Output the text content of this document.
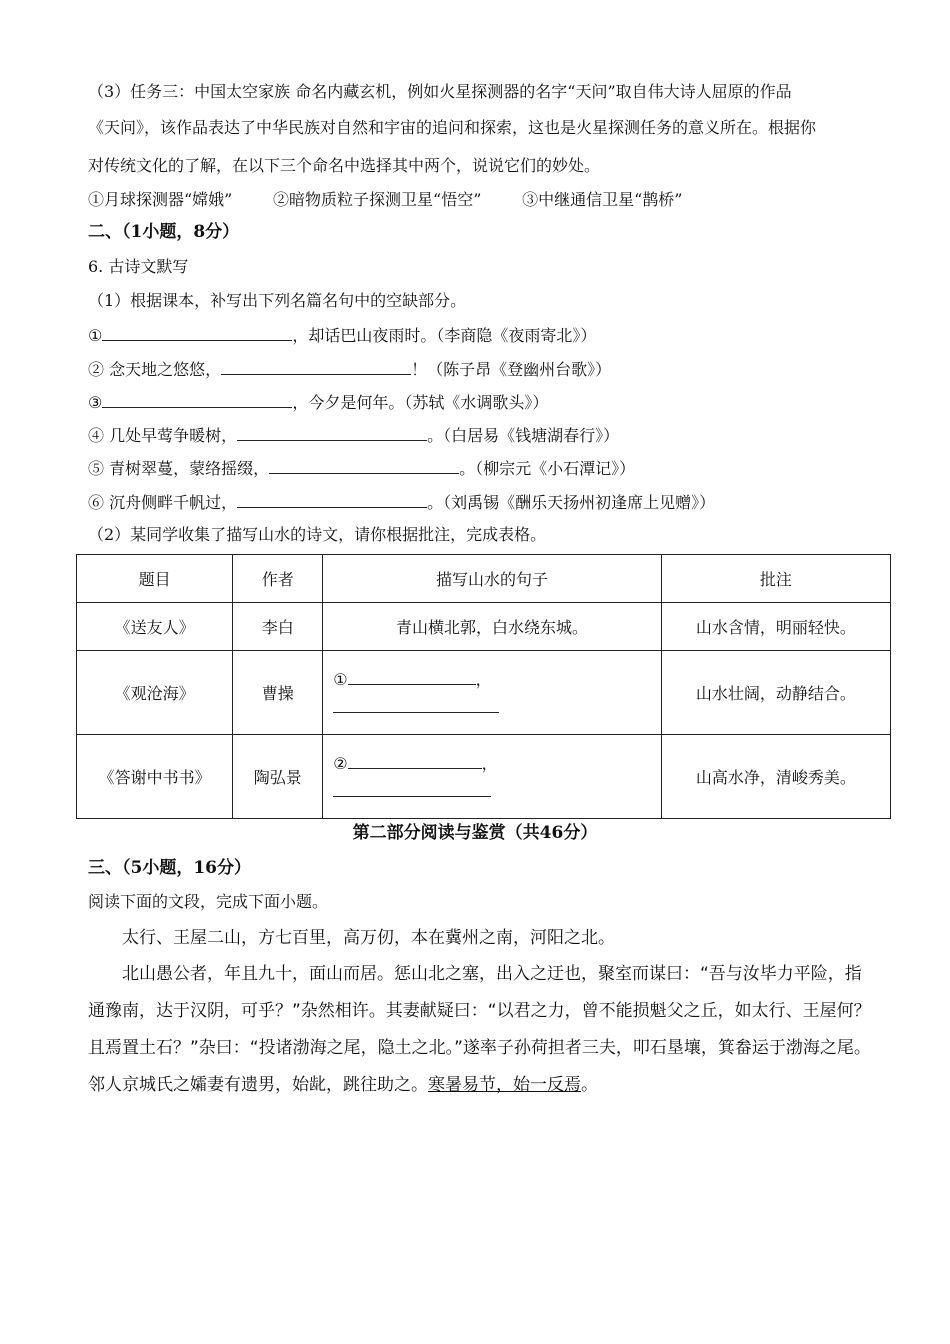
（3）任务三：中国太空家族 命名内藏玄机，例如火星探测器的名字“天问”取自伟大诗人屈原的作品
《天问》，该作品表达了中华民族对自然和宇宙的追问和探索，这也是火星探测任务的意义所在。根据你
对传统文化的了解，在以下三个命名中选择其中两个，说说它们的妙处。
①月球探测器“嫦娥”        ②暗物质粒子探测卫星“悟空”        ③中继通信卫星“鹊桥”
二、（1小题，8分）
6. 古诗文默写
（1）根据课本，补写出下列名篇名句中的空缺部分。
①	，却话巴山夜雨时。（李商隐《夜雨寄北》）
② 念天地之悠悠，	！（陈子昂《登幽州台歌》）
③	，今夕是何年。（苏轼《水调歌头》）
④ 几处早莺争暖树，	。（白居易《钱塘湖春行》）
⑤ 青树翠蔓，蒙络摇缀，	。（柳宗元《小石潭记》）
⑥ 沉舟侧畔千帆过，	。（刘禹锡《酬乐天扬州初逢席上见赠》）
（2）某同学收集了描写山水的诗文，请你根据批注，完成表格。
题目	作者	描写山水的句子	批注
《送友人》	李白	青山横北郭，白水绕东城。	山水含情，明丽轻快。
《观沧海》	曹操	① ，	山水壮阔，动静结合。
《答谢中书书》	陶弘景	② ，	山高水净，清峻秀美。
第二部分阅读与鉴赏（共46分）
三、（5小题，16分）
阅读下面的文段，完成下面小题。

太行、王屋二山，方七百里，高万仞，本在冀州之南，河阳之北。

北山愚公者，年且九十，面山而居。惩山北之塞，出入之迂也，聚室而谋曰：“吾与汝毕力平险，指通豫南，达于汉阴，可乎？”杂然相许。其妻献疑曰：“以君之力，曾不能损魁父之丘，如太行、王屋何？且焉置土石？”杂曰：“投诸渤海之尾，隐土之北。”遂率子孙荷担者三夫，叩石垦壤，箕畚运于渤海之尾。邻人京城氏之孀妻有遗男，始龀，跳往助之。寒暑易节，始一反焉。
